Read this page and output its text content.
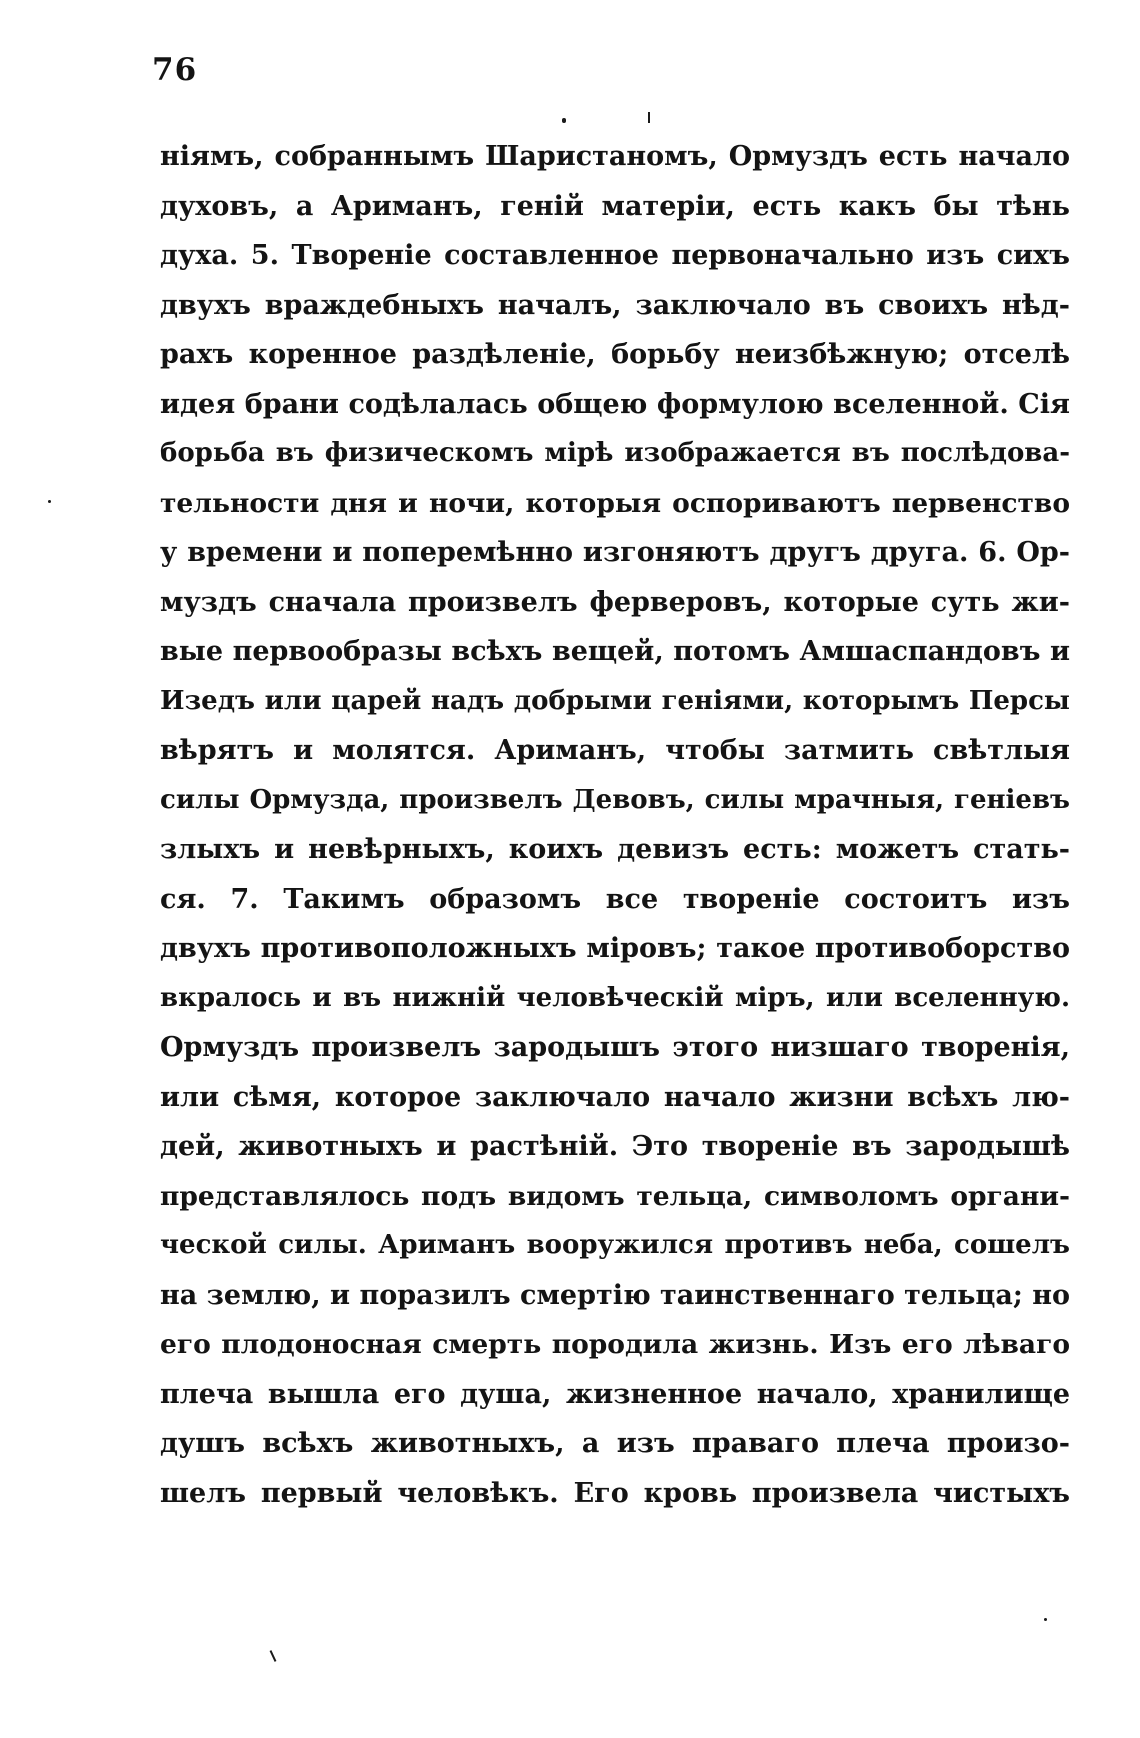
76
ніямъ, собраннымъ Шаристаномъ, Ормуздъ есть начало
духовъ, а Ариманъ, геній матеріи, есть какъ бы тѣнь
духа. 5. Твореніе составленное первоначально изъ сихъ
двухъ враждебныхъ началъ, заключало въ своихъ нѣд-
рахъ коренное раздѣленіе, борьбу неизбѣжную; отселѣ
идея брани содѣлалась общею формулою вселенной. Сія
борьба въ физическомъ мірѣ изображается въ послѣдова-
тельности дня и ночи, которыя оспориваютъ первенство
у времени и поперемѣнно изгоняютъ другъ друга. 6. Ор-
муздъ сначала произвелъ ферверовъ, которые суть жи-
вые первообразы всѣхъ вещей, потомъ Амшаспандовъ и
Изедъ или царей надъ добрыми геніями, которымъ Персы
вѣрятъ и молятся. Ариманъ, чтобы затмить свѣтлыя
силы Ормузда, произвелъ Девовъ, силы мрачныя, геніевъ
злыхъ и невѣрныхъ, коихъ девизъ есть: можетъ стать-
ся. 7. Такимъ образомъ все твореніе состоитъ изъ
двухъ противоположныхъ міровъ; такое противоборство
вкралось и въ нижній человѣческій міръ, или вселенную.
Ормуздъ произвелъ зародышъ этого низшаго творенія,
или сѣмя, которое заключало начало жизни всѣхъ лю-
дей, животныхъ и растѣній. Это твореніе въ зародышѣ
представлялось подъ видомъ тельца, символомъ органи-
ческой силы. Ариманъ вооружился противъ неба, сошелъ
на землю, и поразилъ смертію таинственнаго тельца; но
его плодоносная смерть породила жизнь. Изъ его лѣваго
плеча вышла его душа, жизненное начало, хранилище
душъ всѣхъ животныхъ, а изъ праваго плеча произо-
шелъ первый человѣкъ. Его кровь произвела чистыхъ
